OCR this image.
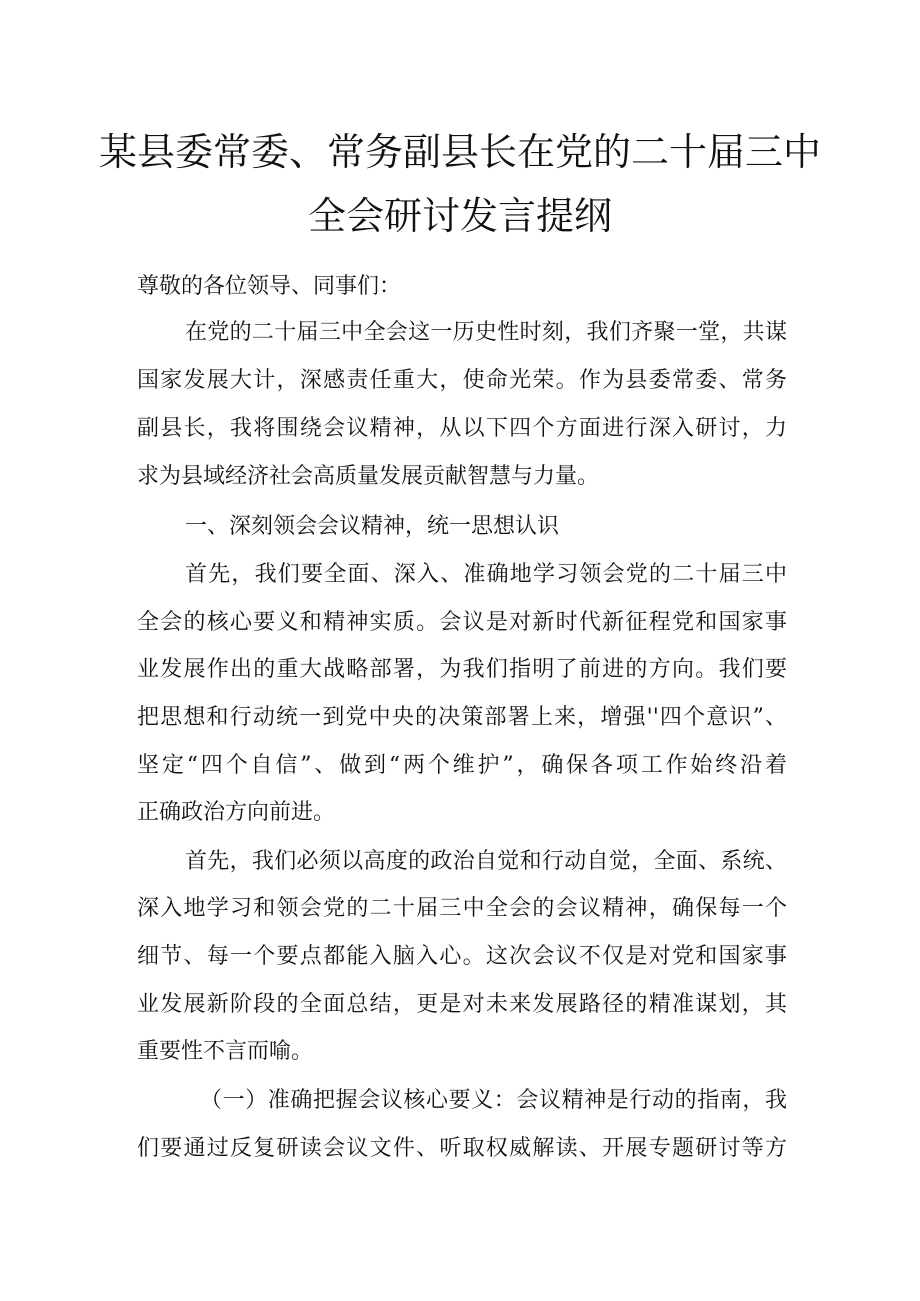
某县委常委、常务副县长在党的二十届三中
全会研讨发言提纲
尊敬的各位领导、同事们：
在党的二十届三中全会这一历史性时刻，我们齐聚一堂，共谋
国家发展大计，深感责任重大，使命光荣。作为县委常委、常务
副县长，我将围绕会议精神，从以下四个方面进行深入研讨，力
求为县域经济社会高质量发展贡献智慧与力量。
一、深刻领会会议精神，统一思想认识
首先，我们要全面、深入、准确地学习领会党的二十届三中
全会的核心要义和精神实质。会议是对新时代新征程党和国家事
业发展作出的重大战略部署，为我们指明了前进的方向。我们要
把思想和行动统一到党中央的决策部署上来，增强''四个意识”、
坚定“四个自信”、做到“两个维护”，确保各项工作始终沿着
正确政治方向前进。
首先，我们必须以高度的政治自觉和行动自觉，全面、系统、
深入地学习和领会党的二十届三中全会的会议精神，确保每一个
细节、每一个要点都能入脑入心。这次会议不仅是对党和国家事
业发展新阶段的全面总结，更是对未来发展路径的精准谋划，其
重要性不言而喻。
（一）准确把握会议核心要义：会议精神是行动的指南，我
们要通过反复研读会议文件、听取权威解读、开展专题研讨等方
